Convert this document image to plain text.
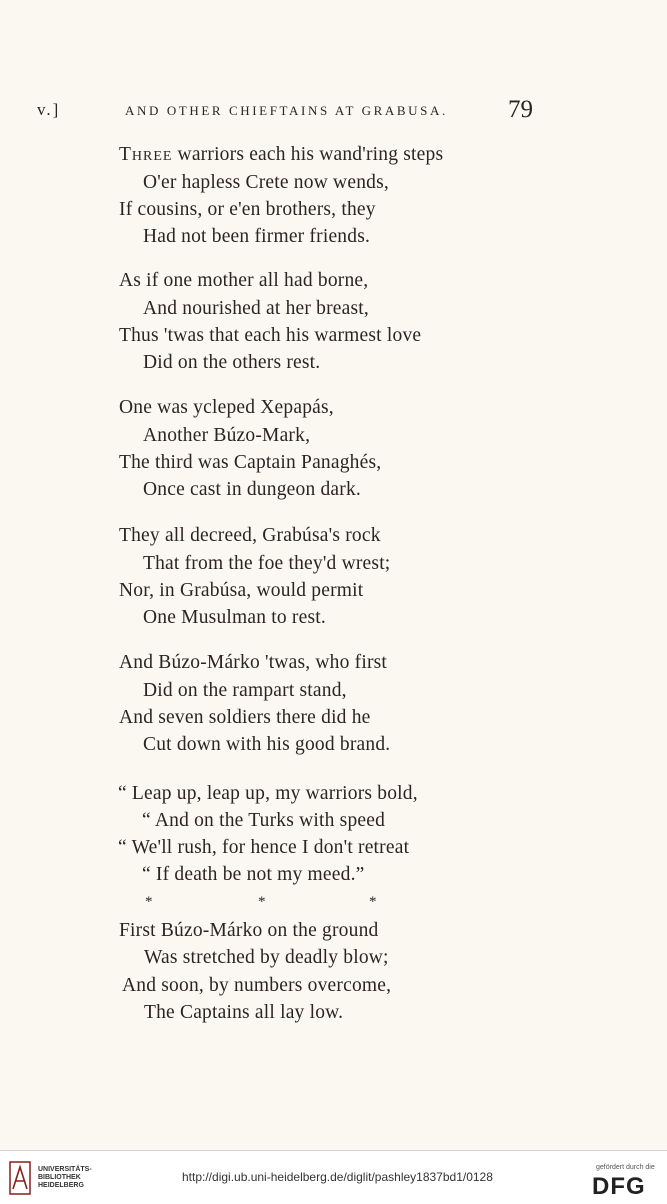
v.]	AND OTHER CHIEFTAINS AT GRABUSA. 79
Three warriors each his wand'ring steps
O'er hapless Crete now wends,
If cousins, or e'en brothers, they
Had not been firmer friends.
As if one mother all had borne,
And nourished at her breast,
Thus 'twas that each his warmest love
Did on the others rest.
One was ycleped Xepapás,
Another Búzo-Mark,
The third was Captain Panaghés,
Once cast in dungeon dark.
They all decreed, Grabúsa's rock
That from the foe they'd wrest;
Nor, in Grabúsa, would permit
One Musulman to rest.
And Búzo-Márko 'twas, who first
Did on the rampart stand,
And seven soldiers there did he
Cut down with his good brand.
“ Leap up, leap up, my warriors bold,
“ And on the Turks with speed
“ We'll rush, for hence I don't retreat
“ If death be not my meed.”
*	*	*
First Búzo-Márko on the ground
Was stretched by deadly blow;
And soon, by numbers overcome,
The Captains all lay low.
UNIVERSITÄTS-
BIBLIOTHEK
HEIDELBERG
http://digi.ub.uni-heidelberg.de/diglit/pashley1837bd1/0128
gefördert durch die
DFG
